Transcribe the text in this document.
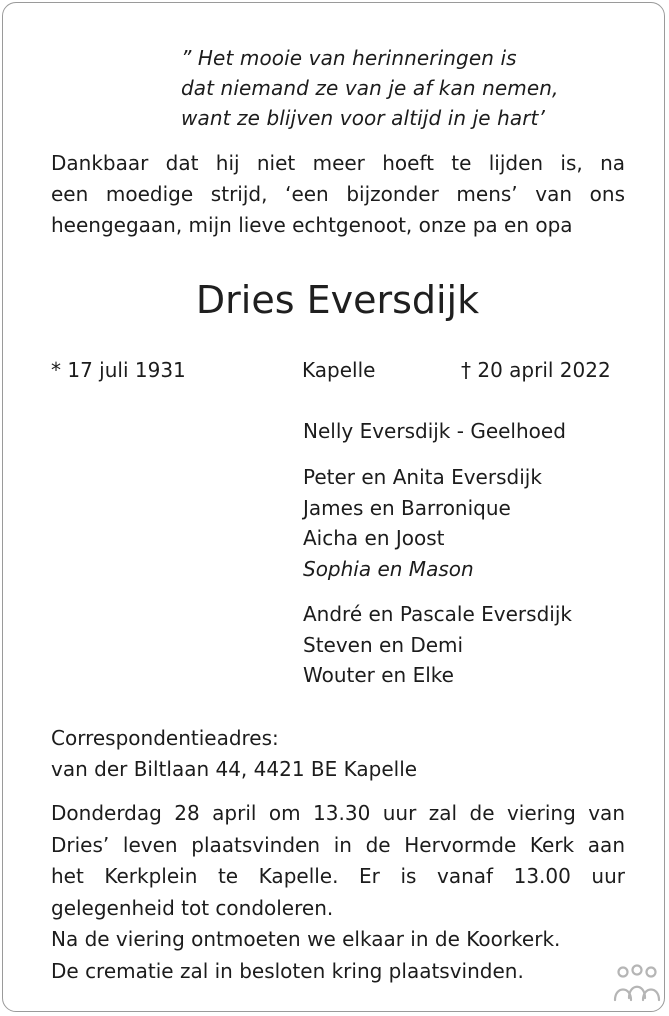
” Het mooie van herinneringen is
dat niemand ze van je af kan nemen,
want ze blijven voor altijd in je hart’
Dankbaar dat hij niet meer hoeft te lijden is, na
een moedige strijd, ‘een bijzonder mens’ van ons
heengegaan, mijn lieve echtgenoot, onze pa en opa
Dries Eversdijk
* 17 juli 1931	Kapelle	† 20 april 2022
Nelly Eversdijk - Geelhoed
Peter en Anita Eversdijk
James en Barronique
Aicha en Joost
Sophia en Mason
André en Pascale Eversdijk
Steven en Demi
Wouter en Elke
Correspondentieadres:
van der Biltlaan 44, 4421 BE Kapelle
Donderdag 28 april om 13.30 uur zal de viering van
Dries’ leven plaatsvinden in de Hervormde Kerk aan
het Kerkplein te Kapelle. Er is vanaf 13.00 uur
gelegenheid tot condoleren.
Na de viering ontmoeten we elkaar in de Koorkerk.
De crematie zal in besloten kring plaatsvinden.
